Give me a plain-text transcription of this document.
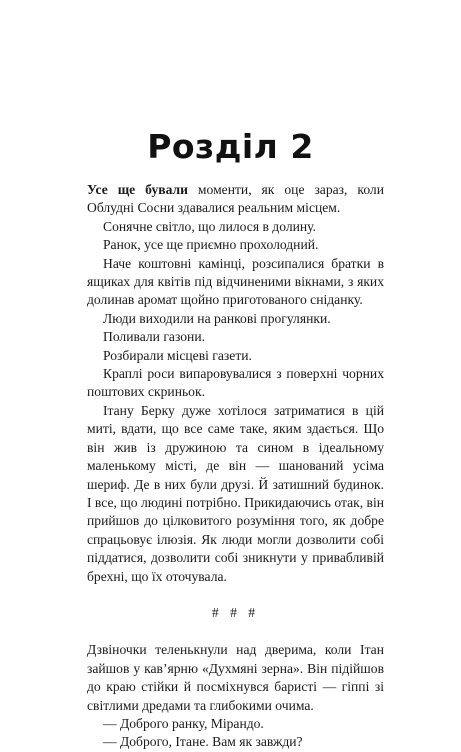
Розділ 2

Усе ще бували моменти, як оце зараз, коли Облудні Сосни здавалися реальним місцем.

Сонячне світло, що лилося в долину.

Ранок, усе ще приємно прохолодний.

Наче коштовні камінці, розсипалися братки в ящиках для квітів під відчиненими вікнами, з яких долинав аромат щойно приготованого сніданку.

Люди виходили на ранкові прогулянки.

Поливали газони.

Розбирали місцеві газети.

Краплі роси випаровувалися з поверхні чорних поштових скриньок.

Ітану Берку дуже хотілося затриматися в цій миті, вдати, що все саме таке, яким здається. Що він жив із дружиною та сином в ідеальному маленькому місті, де він — шанований усіма шериф. Де в них були друзі. Й затишний будинок. І все, що людині потрібно. Прикидаючись отак, він прийшов до цілковитого розуміння того, як добре спрацьовує ілюзія. Як люди могли дозволити собі піддатися, дозволити собі зникнути у привабливій брехні, що їх оточувала.

# # #

Дзвіночки теленькнули над дверима, коли Ітан зайшов у кав’ярню «Духмяні зерна». Він підійшов до краю стійки й посміхнувся баристі — гіппі зі світлими дредами та глибокими очима.

— Доброго ранку, Мірандо.

— Доброго, Ітане. Вам як завжди?
